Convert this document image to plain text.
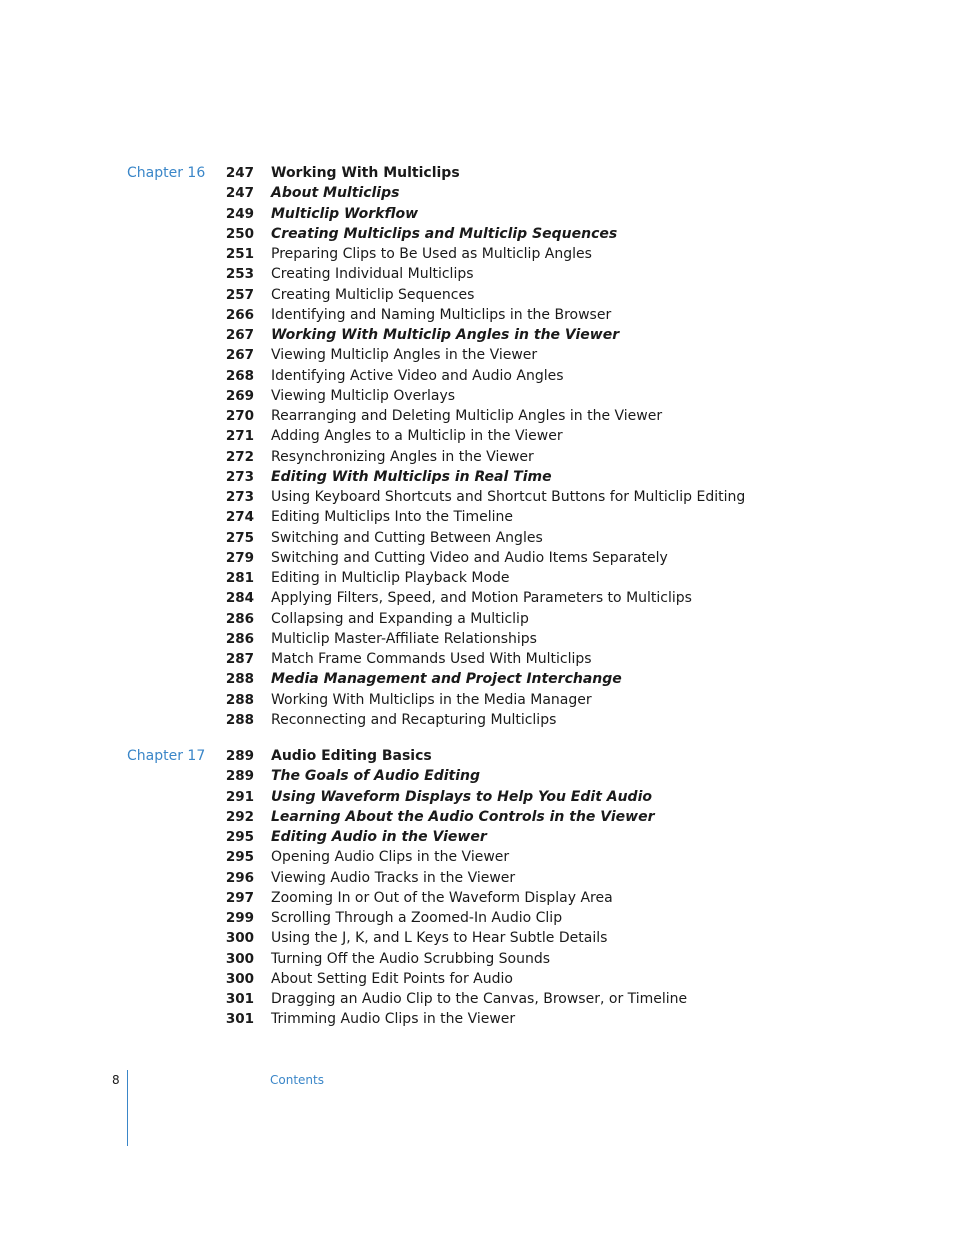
Chapter 16	247 Working With Multiclips
247 About Multiclips
249 Multiclip Workflow
250 Creating Multiclips and Multiclip Sequences
251 Preparing Clips to Be Used as Multiclip Angles
253 Creating Individual Multiclips
257 Creating Multiclip Sequences
266 Identifying and Naming Multiclips in the Browser
267 Working With Multiclip Angles in the Viewer
267 Viewing Multiclip Angles in the Viewer
268 Identifying Active Video and Audio Angles
269 Viewing Multiclip Overlays
270 Rearranging and Deleting Multiclip Angles in the Viewer
271 Adding Angles to a Multiclip in the Viewer
272 Resynchronizing Angles in the Viewer
273 Editing With Multiclips in Real Time
273 Using Keyboard Shortcuts and Shortcut Buttons for Multiclip Editing
274 Editing Multiclips Into the Timeline
275 Switching and Cutting Between Angles
279 Switching and Cutting Video and Audio Items Separately
281 Editing in Multiclip Playback Mode
284 Applying Filters, Speed, and Motion Parameters to Multiclips
286 Collapsing and Expanding a Multiclip
286 Multiclip Master-Affiliate Relationships
287 Match Frame Commands Used With Multiclips
288 Media Management and Project Interchange
288 Working With Multiclips in the Media Manager
288 Reconnecting and Recapturing Multiclips
Chapter 17	289 Audio Editing Basics
289 The Goals of Audio Editing
291 Using Waveform Displays to Help You Edit Audio
292 Learning About the Audio Controls in the Viewer
295 Editing Audio in the Viewer
295 Opening Audio Clips in the Viewer
296 Viewing Audio Tracks in the Viewer
297 Zooming In or Out of the Waveform Display Area
299 Scrolling Through a Zoomed-In Audio Clip
300 Using the J, K, and L Keys to Hear Subtle Details
300 Turning Off the Audio Scrubbing Sounds
300 About Setting Edit Points for Audio
301 Dragging an Audio Clip to the Canvas, Browser, or Timeline
301 Trimming Audio Clips in the Viewer
8	Contents
